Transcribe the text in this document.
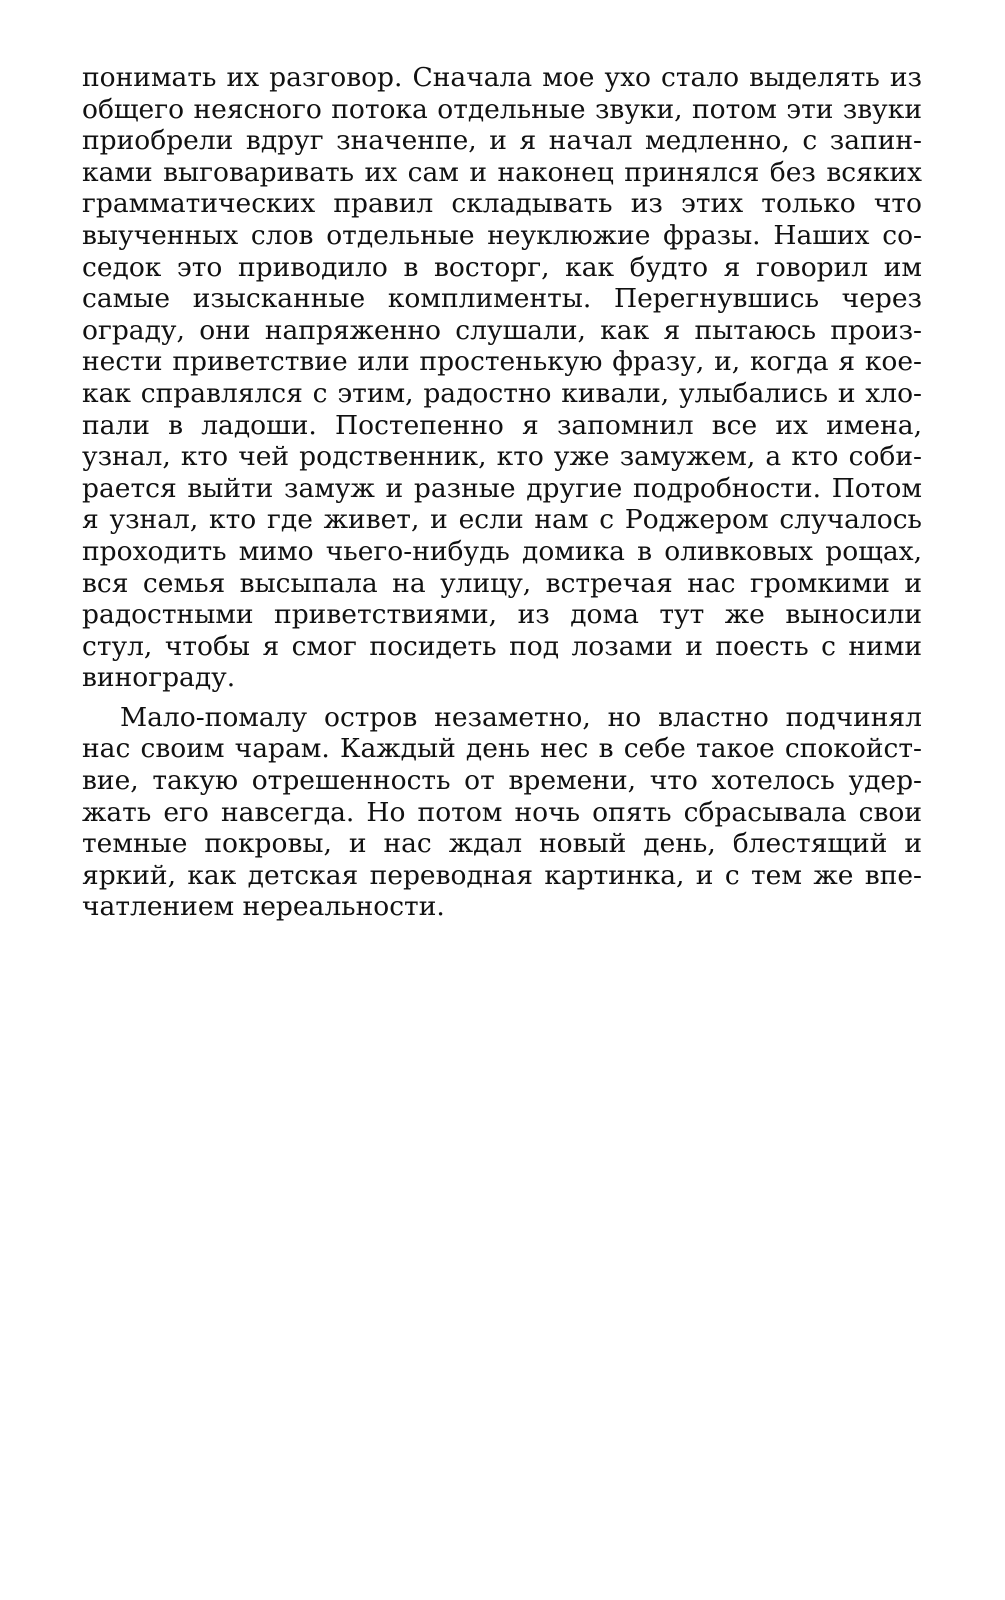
понимать их разговор. Сначала мое ухо стало выделять из
общего неясного потока отдельные звуки, потом эти звуки
приобрели вдруг значенпе, и я начал медленно, с запин-
ками выговаривать их сам и наконец принялся без всяких
грамматических правил складывать из этих только что
выученных слов отдельные неуклюжие фразы. Наших со-
седок это приводило в восторг, как будто я говорил им
самые изысканные комплименты. Перегнувшись через
ограду, они напряженно слушали, как я пытаюсь произ-
нести приветствие или простенькую фразу, и, когда я кое-
как справлялся с этим, радостно кивали, улыбались и хло-
пали в ладоши. Постепенно я запомнил все их имена,
узнал, кто чей родственник, кто уже замужем, а кто соби-
рается выйти замуж и разные другие подробности. Потом
я узнал, кто где живет, и если нам с Роджером случалось
проходить мимо чьего-нибудь домика в оливковых рощах,
вся семья высыпала на улицу, встречая нас громкими и
радостными приветствиями, из дома тут же выносили
стул, чтобы я смог посидеть под лозами и поесть с ними
винограду.
Мало-помалу остров незаметно, но властно подчинял
нас своим чарам. Каждый день нес в себе такое спокойст-
вие, такую отрешенность от времени, что хотелось удер-
жать его навсегда. Но потом ночь опять сбрасывала свои
темные покровы, и нас ждал новый день, блестящий и
яркий, как детская переводная картинка, и с тем же впе-
чатлением нереальности.
